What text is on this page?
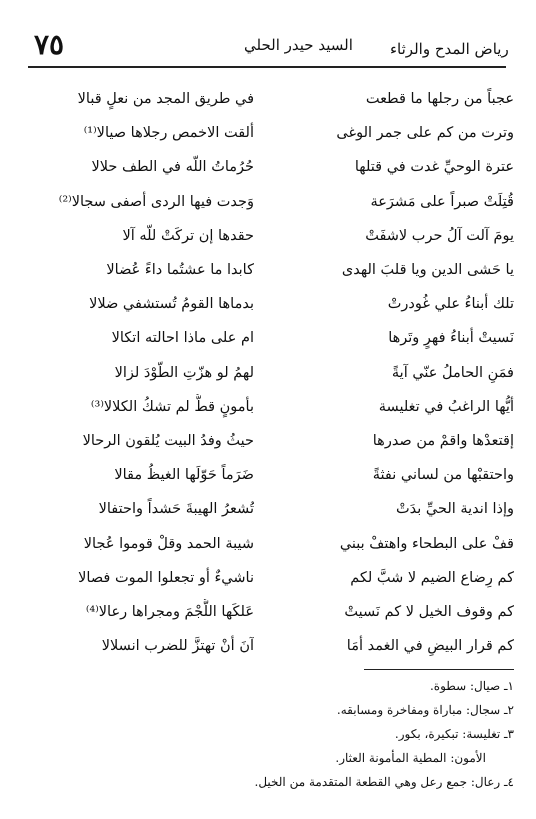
٧٥	السيد حيدر الحلي رياض المدح والرثاء
عجباً من رجلها ما قطعت
في طريق المجد من نعلٍ قبالا
وترت من كم على جمر الوغى
ألقت الاخمص رجلاها صيالا⁽¹⁾
عترة الوحيِّ غدت في قتلها
حُرُماتُ اللّه في الطف حلالا
قُتِلَتْ صبراً على مَشرَعة
وَجدت فيها الردى أصفى سجالا⁽²⁾
يومَ آلت آلُ حرب لاشفَتْ
حقدها إن تركَتْ للّه آلا
يا حَشى الدين ويا قلبَ الهدى
كابدا ما عشتُما داءً عُضالا
تلك أبناءُ علي غُودرتْ
بدماها القومُ تُستشفي ضلالا
نَسيتْ أبناءُ فهرٍ وتَرها
ام على ماذا احالته اتكالا
فمَنِ الحاملُ عنّي آيةً
لهمُ لو هزّتِ الطّوْدَ لزالا
أيُّها الراغبُ في تغليسة
بأمونٍ قطُّ لم تشكُ الكلالا⁽³⁾
إقتعدْها واقمْ من صدرها
حيثُ وفدُ البيت يُلقون الرحالا
واحتقبْها من لساني نفثةً
ضَرَماً حَوّلَها الغيظُ مقالا
وإذا اندية الحيِّ بدَتْ
تُشعرُ الهيبةَ حَشداً واحتفالا
قفْ على البطحاء واهتفْ ببني
شيبة الحمد وقلْ قوموا عُجالا
كم رِضاع الضيم لا شبَّ لكم
ناشيءٌ أو تجعلوا الموت فصالا
كم وقوف الخيل لا كم نَسيتْ
عَلكَها اللُّجْمَ ومجراها رعالا⁽⁴⁾
كم قرار البيضِ في الغمد أمَا
آنَ أنْ تهتزَّ للضرب انسلالا
١ـ صيال: سطوة.
٢ـ سجال: مباراة ومفاخرة ومسابقه.
٣ـ تغليسة: تبكيرة، بكور.
الأمون: المطية المأمونة العثار.
٤ـ رعال: جمع رعل وهي القطعة المتقدمة من الخيل.
